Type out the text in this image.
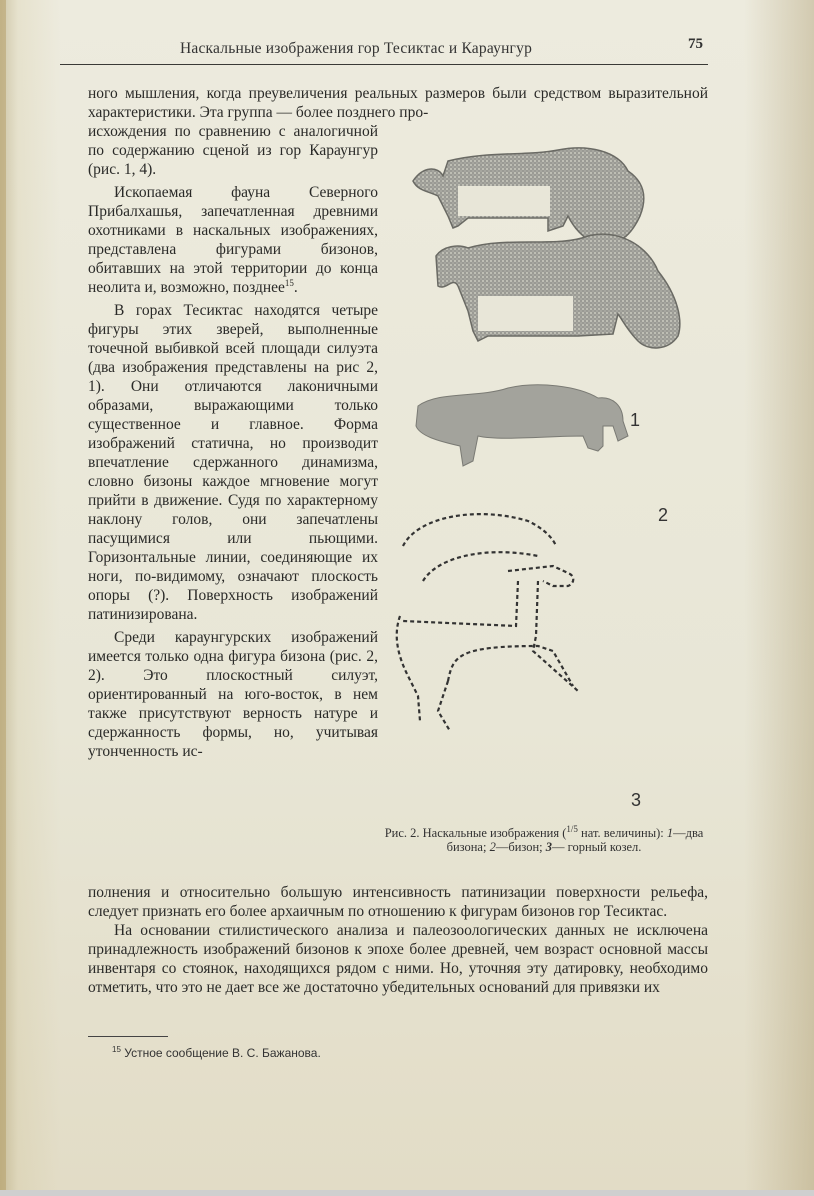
Наскальные изображения гор Тесиктас и Караунгур	75
ного мышления, когда преувеличения реальных размеров были средством выразительной характеристики. Эта группа — более позднего про-

исхождения по сравнению с аналогичной по содержанию сценой из гор Караунгур (рис. 1, 4).

Ископаемая фауна Северного Прибалхашья, запечатленная древними охотниками в наскальных изображениях, представлена фигурами бизонов, обитавших на этой территории до конца неолита и, возможно, позднее$^{15}$.

В горах Тесиктас находятся четыре фигуры этих зверей, выполненные точечной выбивкой всей площади силуэта (два изображения представлены на рис 2, 1). Они отличаются лаконичными образами, выражающими только существенное и главное. Форма изображений статична, но производит впечатление сдержанного динамизма, словно бизоны каждое мгновение могут прийти в движение. Судя по характерному наклону голов, они запечатлены пасущимися или пьющими. Горизонтальные линии, соединяющие их ноги, по-видимому, означают плоскость опоры (?). Поверхность изображений патинизирована.

Среди караунгурских изображений имеется только одна фигура бизона (рис. 2, 2). Это плоскостный силуэт, ориентированный на юго-восток, в нем также присутствуют верность натуре и сдержанность формы, но, учитывая утонченность ис-

1
2
3
Рис. 2. Наскальные изображения ($^{1/5}$ нат. величины): 1—два бизона; 2—бизон; 3— горный козел.

полнения и относительно большую интенсивность патинизации поверхности рельефа, следует признать его более архаичным по отношению к фигурам бизонов гор Тесиктас.

На основании стилистического анализа и палеозоологических данных не исключена принадлежность изображений бизонов к эпохе более древней, чем возраст основной массы инвентаря со стоянок, находящихся рядом с ними. Но, уточняя эту датировку, необходимо отметить, что это не дает все же достаточно убедительных оснований для привязки их

$^{15}$ Устное сообщение В. С. Бажанова.
